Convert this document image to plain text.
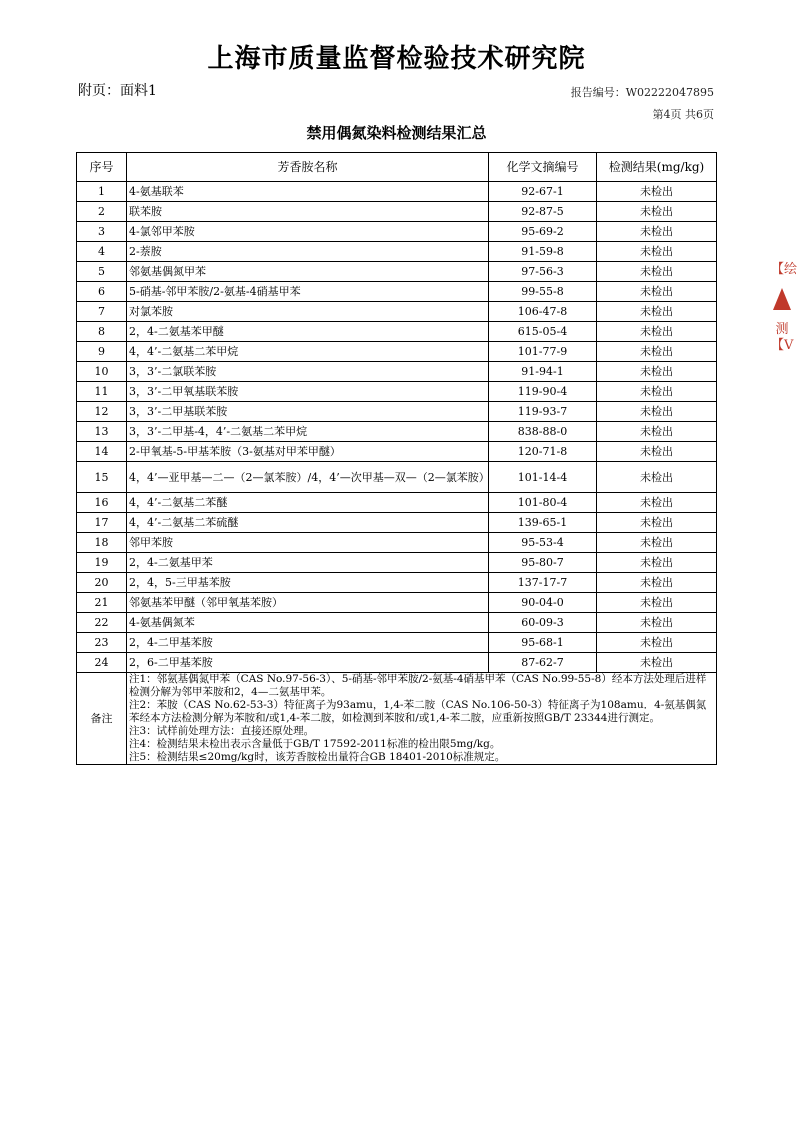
上海市质量监督检验技术研究院
附页：面料1	报告编号：W02222047895
第4页 共6页
禁用偶氮染料检测结果汇总
序号	芳香胺名称	化学文摘编号	检测结果(mg/kg)
1	4-氨基联苯	92-67-1	未检出
2	联苯胺	92-87-5	未检出
3	4-氯邻甲苯胺	95-69-2	未检出
4	2-萘胺	91-59-8	未检出
5	邻氨基偶氮甲苯	97-56-3	未检出
6	5-硝基-邻甲苯胺/2-氨基-4硝基甲苯	99-55-8	未检出
7	对氯苯胺	106-47-8	未检出
8	2，4-二氨基苯甲醚	615-05-4	未检出
9	4，4’-二氨基二苯甲烷	101-77-9	未检出
10	3，3’-二氯联苯胺	91-94-1	未检出
11	3，3’-二甲氧基联苯胺	119-90-4	未检出
12	3，3’-二甲基联苯胺	119-93-7	未检出
13	3，3’-二甲基-4，4’-二氨基二苯甲烷	838-88-0	未检出
14	2-甲氧基-5-甲基苯胺（3-氨基对甲苯甲醚）	120-71-8	未检出
15	4，4’—亚甲基—二—（2—氯苯胺）/4，4’—次甲基—双—（2—氯苯胺）	101-14-4	未检出
16	4，4’-二氨基二苯醚	101-80-4	未检出
17	4，4’-二氨基二苯硫醚	139-65-1	未检出
18	邻甲苯胺	95-53-4	未检出
19	2，4-二氨基甲苯	95-80-7	未检出
20	2，4，5-三甲基苯胺	137-17-7	未检出
21	邻氨基苯甲醚（邻甲氧基苯胺）	90-04-0	未检出
22	4-氨基偶氮苯	60-09-3	未检出
23	2，4-二甲基苯胺	95-68-1	未检出
24	2，6-二甲基苯胺	87-62-7	未检出
备注	注1：邻氨基偶氮甲苯（CAS No.97-56-3）、5-硝基-邻甲苯胺/2-氨基-4硝基甲苯（CAS No.99-55-8）经本方法处理后进样检测分解为邻甲苯胺和2，4—二氨基甲苯。
注2：苯胺（CAS No.62-53-3）特征离子为93amu，1,4-苯二胺（CAS No.106-50-3）特征离子为108amu．4-氨基偶氮苯经本方法检测分解为苯胺和/或1,4-苯二胺，如检测到苯胺和/或1,4-苯二胺，应重新按照GB/T 23344进行测定。
注3：试样前处理方法：直接还原处理。
注4：检测结果未检出表示含量低于GB/T 17592-2011标准的检出限5mg/kg。
注5：检测结果≤20mg/kg时，该芳香胺检出量符合GB 18401-2010标准规定。		
【绘
测【V
